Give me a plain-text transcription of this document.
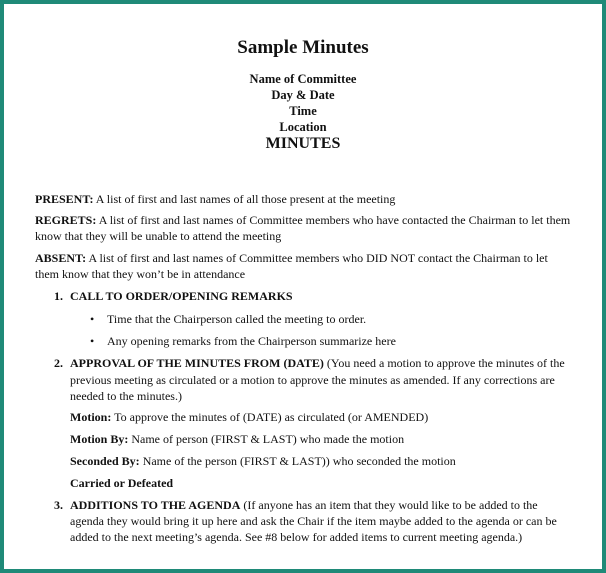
Sample Minutes
Name of Committee
Day & Date
Time
Location
MINUTES
PRESENT: A list of first and last names of all those present at the meeting
REGRETS: A list of first and last names of Committee members who have contacted the Chairman to let them
know that they will be unable to attend the meeting
ABSENT: A list of first and last names of Committee members who DID NOT contact the Chairman to let
them know that they won’t be in attendance
1. CALL TO ORDER/OPENING REMARKS
• Time that the Chairperson called the meeting to order.
• Any opening remarks from the Chairperson summarize here
2. APPROVAL OF THE MINUTES FROM (DATE) (You need a motion to approve the minutes of the
previous meeting as circulated or a motion to approve the minutes as amended. If any corrections are
needed to the minutes.)
Motion: To approve the minutes of (DATE) as circulated (or AMENDED)
Motion By: Name of person (FIRST & LAST) who made the motion
Seconded By: Name of the person (FIRST & LAST)) who seconded the motion
Carried or Defeated
3. ADDITIONS TO THE AGENDA (If anyone has an item that they would like to be added to the
agenda they would bring it up here and ask the Chair if the item maybe added to the agenda or can be
added to the next meeting’s agenda. See #8 below for added items to current meeting agenda.)
